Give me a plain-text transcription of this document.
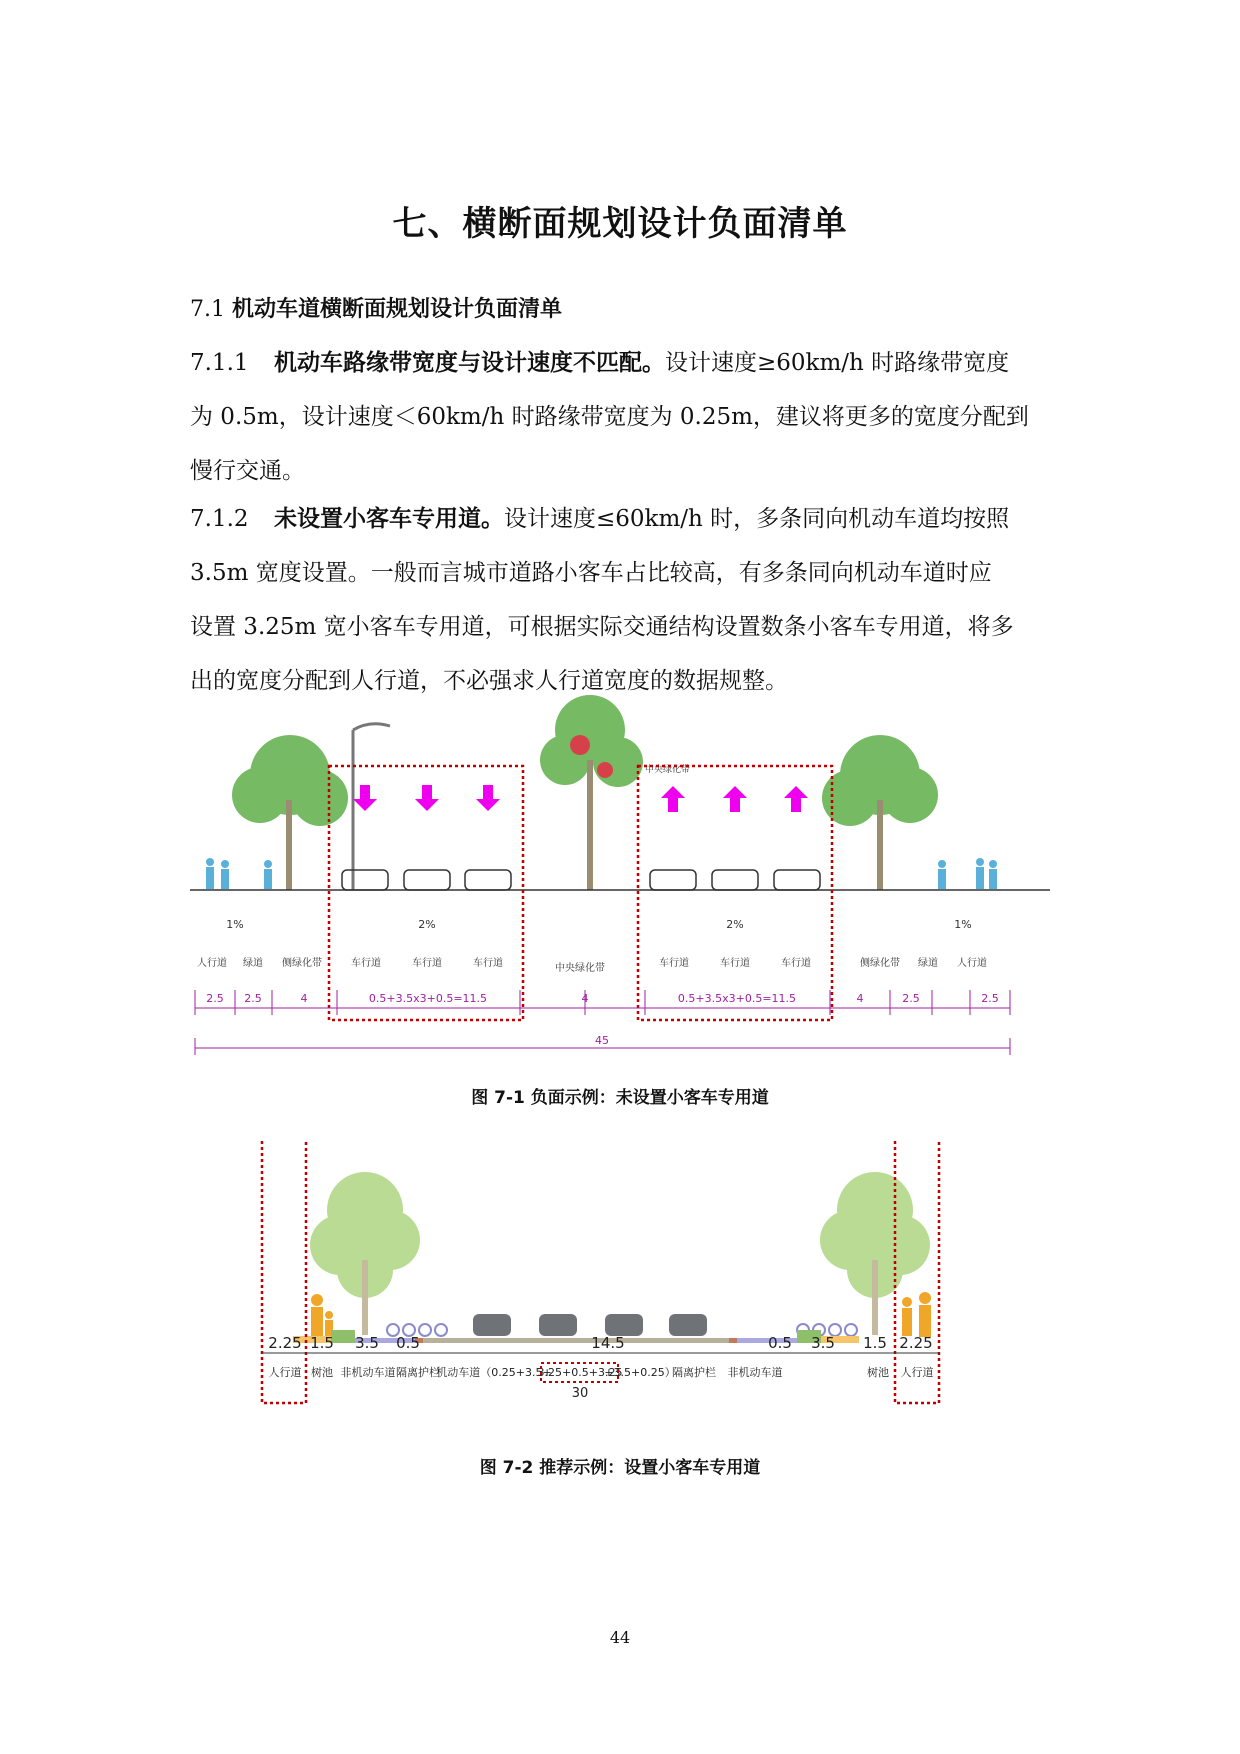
七、横断面规划设计负面清单
7.1 机动车道横断面规划设计负面清单
7.1.1 机动车路缘带宽度与设计速度不匹配。设计速度≥60km/h 时路缘带宽度
为 0.5m，设计速度＜60km/h 时路缘带宽度为 0.25m，建议将更多的宽度分配到
慢行交通。
7.1.2 未设置小客车专用道。设计速度≤60km/h 时，多条同向机动车道均按照
3.5m 宽度设置。一般而言城市道路小客车占比较高，有多条同向机动车道时应
设置 3.25m 宽小客车专用道，可根据实际交通结构设置数条小客车专用道，将多
出的宽度分配到人行道，不必强求人行道宽度的数据规整。
中央绿化带
1%	2%	2%	1%
人行道 绿道 侧绿化带	车行道	车行道	车行道	中央绿化带	车行道	车行道	车行道	侧绿化带 绿道 人行道
2.5 2.5	4	0.5+3.5x3+0.5=11.5	4	0.5+3.5x3+0.5=11.5	4	2.5	2.5
45
图 7-1 负面示例：未设置小客车专用道
2.25 1.5 3.5 0.5	14.5	0.5 3.5 1.5 2.25
人行道 树池 非机动车道 隔离护栏
机动车道（0.25+3.5+
3.25+0.5+3.25
+3.5+0.25）
隔离护栏 非机动车道	树池 人行道
30
图 7-2 推荐示例：设置小客车专用道
44
